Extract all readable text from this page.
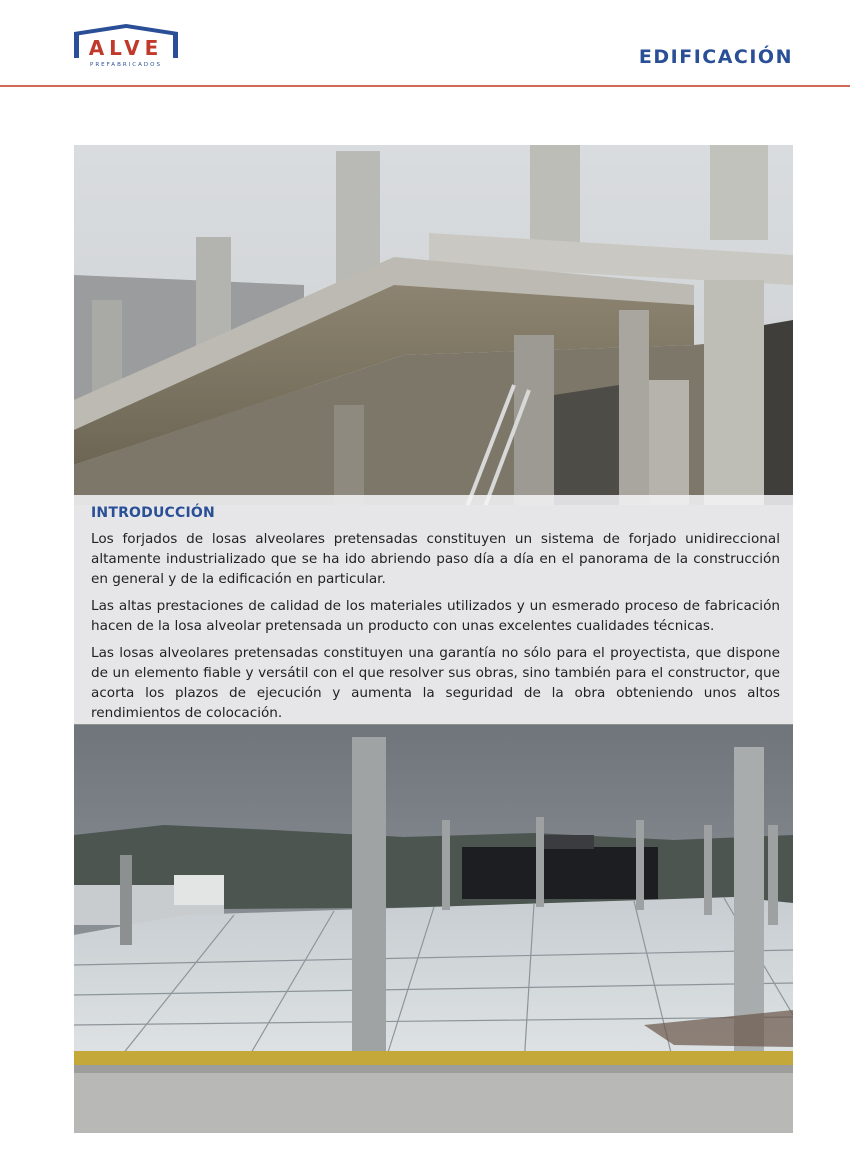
ALVE
PREFABRICADOS	EDIFICACIÓN
INTRODUCCIÓN

Los forjados de losas alveolares pretensadas constituyen un sistema de forjado unidireccional altamente industrializado que se ha ido abriendo paso día a día en el panorama de la construcción en general y de la edificación en particular.

Las altas prestaciones de calidad de los materiales utilizados y un esmerado proceso de fabricación hacen de la losa alveolar pretensada un producto con unas excelentes cualidades técnicas.

Las losas alveolares pretensadas constituyen una garantía no sólo para el proyectista, que dispone de un elemento fiable y versátil con el que resolver sus obras, sino también para el constructor, que acorta los plazos de ejecución y aumenta la seguridad de la obra obteniendo unos altos rendimientos de colocación.
